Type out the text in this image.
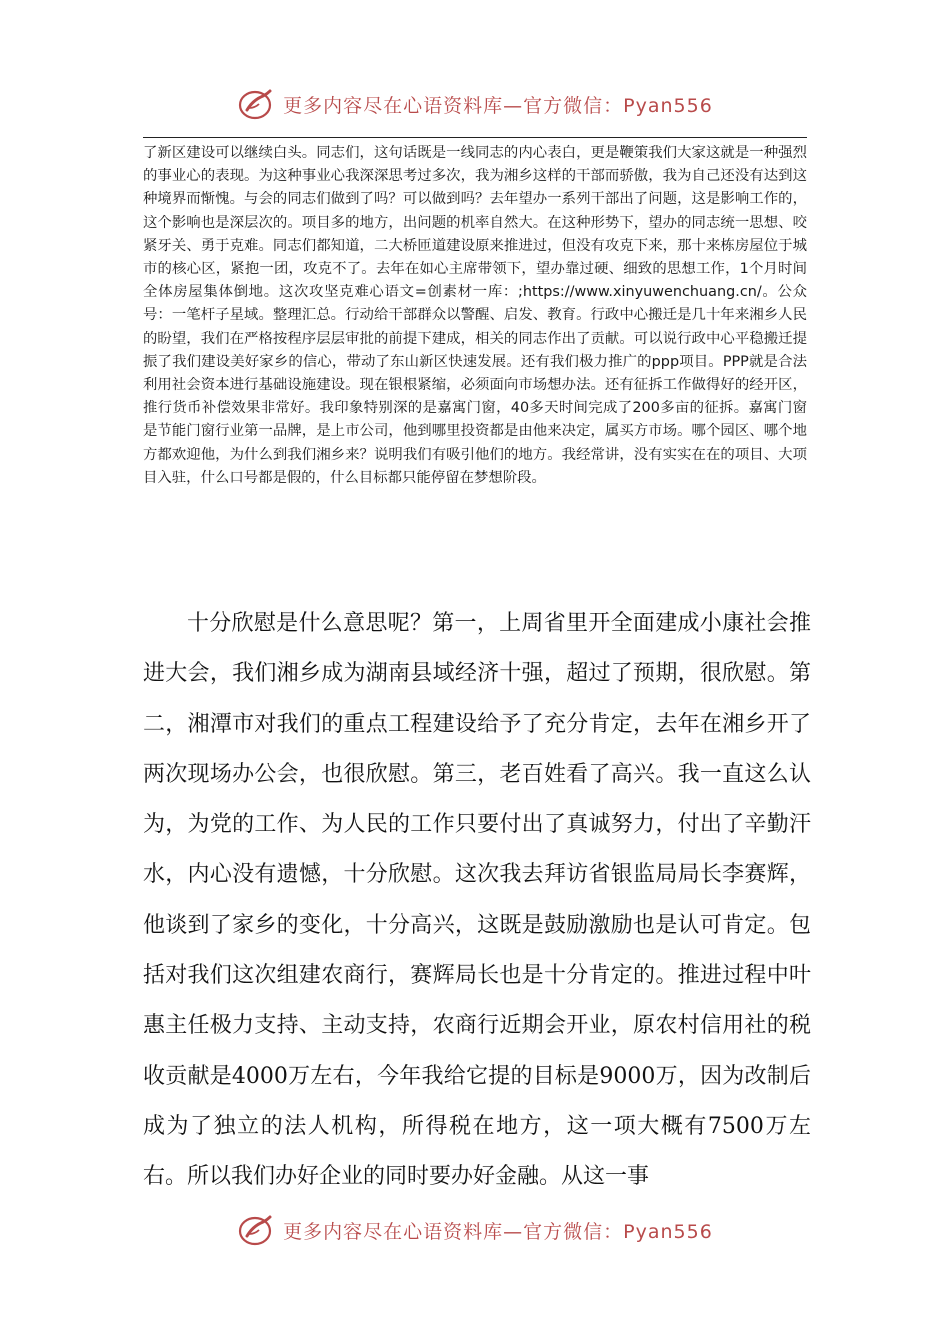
更多内容尽在心语资料库—官方微信：Pyan556

了新区建设可以继续白头。同志们，这句话既是一线同志的内心表白，更是鞭策我们大家这就是一种强烈的事业心的表现。为这种事业心我深深思考过多次，我为湘乡这样的干部而骄傲，我为自己还没有达到这种境界而惭愧。与会的同志们做到了吗？可以做到吗？去年望办一系列干部出了问题，这是影响工作的，这个影响也是深层次的。项目多的地方，出问题的机率自然大。在这种形势下，望办的同志统一思想、咬紧牙关、勇于克难。同志们都知道，二大桥匝道建设原来推进过，但没有攻克下来，那十来栋房屋位于城市的核心区，紧抱一团，攻克不了。去年在如心主席带领下，望办靠过硬、细致的思想工作，1个月时间全体房屋集体倒地。这次攻坚克难心语文=创素材一库：;https://www.xinyuwenchuang.cn/。公众号：一笔杆子星域。整理汇总。行动给干部群众以警醒、启发、教育。行政中心搬迁是几十年来湘乡人民的盼望，我们在严格按程序层层审批的前提下建成，相关的同志作出了贡献。可以说行政中心平稳搬迁提振了我们建设美好家乡的信心，带动了东山新区快速发展。还有我们极力推广的ppp项目。PPP就是合法利用社会资本进行基础设施建设。现在银根紧缩，必须面向市场想办法。还有征拆工作做得好的经开区，推行货币补偿效果非常好。我印象特别深的是嘉寓门窗，40多天时间完成了200多亩的征拆。嘉寓门窗是节能门窗行业第一品牌，是上市公司，他到哪里投资都是由他来决定，属买方市场。哪个园区、哪个地方都欢迎他，为什么到我们湘乡来？说明我们有吸引他们的地方。我经常讲，没有实实在在的项目、大项目入驻，什么口号都是假的，什么目标都只能停留在梦想阶段。

十分欣慰是什么意思呢？第一，上周省里开全面建成小康社会推进大会，我们湘乡成为湖南县域经济十强，超过了预期，很欣慰。第二，湘潭市对我们的重点工程建设给予了充分肯定，去年在湘乡开了两次现场办公会，也很欣慰。第三，老百姓看了高兴。我一直这么认为，为党的工作、为人民的工作只要付出了真诚努力，付出了辛勤汗水，内心没有遗憾，十分欣慰。这次我去拜访省银监局局长李赛辉，他谈到了家乡的变化，十分高兴，这既是鼓励激励也是认可肯定。包括对我们这次组建农商行，赛辉局长也是十分肯定的。推进过程中叶惠主任极力支持、主动支持，农商行近期会开业，原农村信用社的税收贡献是4000万左右，今年我给它提的目标是9000万，因为改制后成为了独立的法人机构，所得税在地方，这一项大概有7500万左右。所以我们办好企业的同时要办好金融。从这一事

更多内容尽在心语资料库—官方微信：Pyan556
